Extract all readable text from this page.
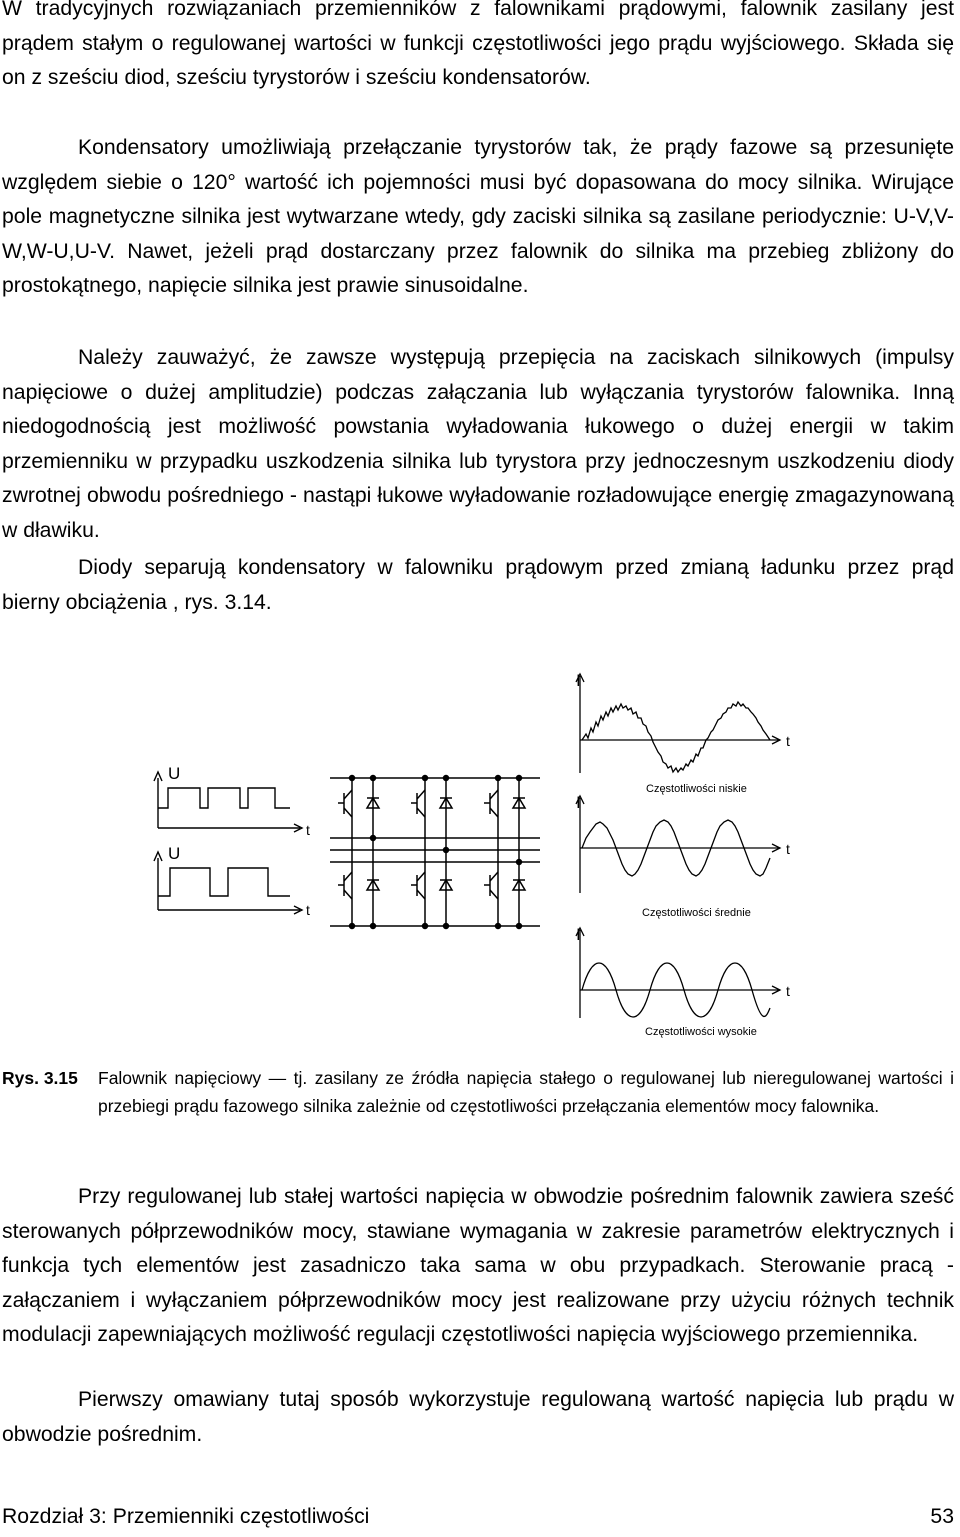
W tradycyjnych rozwiązaniach przemienników z falownikami prądowymi, falownik zasilany jest prądem stałym o regulowanej wartości w funkcji częstotliwości jego prądu wyjściowego. Składa się on z sześciu diod, sześciu tyrystorów i sześciu kondensatorów.

Kondensatory umożliwiają przełączanie tyrystorów tak, że prądy fazowe są przesunięte względem siebie o 120° wartość ich pojemności musi być dopasowana do mocy silnika. Wirujące pole magnetyczne silnika jest wytwarzane wtedy, gdy zaciski silnika są zasilane periodycznie: U-V,V-W,W-U,U-V. Nawet, jeżeli prąd dostarczany przez falownik do silnika ma przebieg zbliżony do prostokątnego, napięcie silnika jest prawie sinusoidalne.

Należy zauważyć, że zawsze występują przepięcia na zaciskach silnikowych (impulsy napięciowe o dużej amplitudzie) podczas załączania lub wyłączania tyrystorów falownika. Inną niedogodnością jest możliwość powstania wyładowania łukowego o dużej energii w takim przemienniku w przypadku uszkodzenia silnika lub tyrystora przy jednoczesnym uszkodzeniu diody zwrotnej obwodu pośredniego - nastąpi łukowe wyładowanie rozładowujące energię zmagazynowaną w dławiku.

Diody separują kondensatory w falowniku prądowym przed zmianą ładunku przez prąd bierny obciążenia , rys. 3.14.

U
t
U
t
I
t
Częstotliwości niskie
I
t
Częstotliwości średnie
I
t
Częstotliwości wysokie
Rys. 3.15 Falownik napięciowy — tj. zasilany ze źródła napięcia stałego o regulowanej lub nieregulowanej wartości i przebiegi prądu fazowego silnika zależnie od częstotliwości przełączania elementów mocy falownika.

Przy regulowanej lub stałej wartości napięcia w obwodzie pośrednim falownik zawiera sześć sterowanych półprzewodników mocy, stawiane wymagania w zakresie parametrów elektrycznych i funkcja tych elementów jest zasadniczo taka sama w obu przypadkach. Sterowanie pracą - załączaniem i wyłączaniem półprzewodników mocy jest realizowane przy użyciu różnych technik modulacji zapewniających możliwość regulacji częstotliwości napięcia wyjściowego przemiennika.

Pierwszy omawiany tutaj sposób wykorzystuje regulowaną wartość napięcia lub prądu w obwodzie pośrednim.

Rozdział 3: Przemienniki częstotliwości	53
